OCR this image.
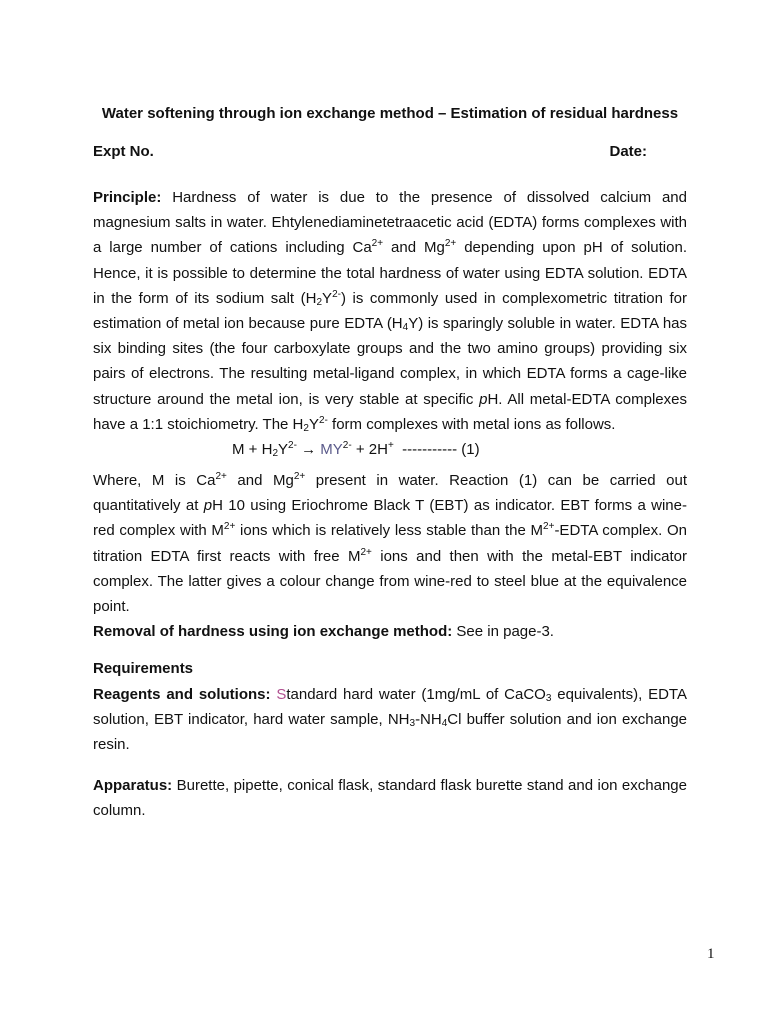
Water softening through ion exchange method – Estimation of residual hardness

Expt No.	Date:

Principle: Hardness of water is due to the presence of dissolved calcium and magnesium salts in water. Ehtylenediaminetetraacetic acid (EDTA) forms complexes with a large number of cations including $Ca^{2+}$ and $Mg^{2+}$ depending upon pH of solution. Hence, it is possible to determine the total hardness of water using EDTA solution. EDTA in the form of its sodium salt $(H_2Y^{2-})$ is commonly used in complexometric titration for estimation of metal ion because pure EDTA $(H_4Y)$ is sparingly soluble in water. EDTA has six binding sites (the four carboxylate groups and the two amino groups) providing six pairs of electrons. The resulting metal-ligand complex, in which EDTA forms a cage-like structure around the metal ion, is very stable at specific pH. All metal-EDTA complexes have a 1:1 stoichiometry. The $H_2Y^{2-}$ form complexes with metal ions as follows.

$M + H_2Y^{2-} \to MY^{2-} + 2H^+$  ----------- (1)

Where, M is $Ca^{2+}$ and $Mg^{2+}$ present in water. Reaction (1) can be carried out quantitatively at pH 10 using Eriochrome Black T (EBT) as indicator. EBT forms a wine-red complex with $M^{2+}$ ions which is relatively less stable than the $M^{2+}$-EDTA complex. On titration EDTA first reacts with free $M^{2+}$ ions and then with the metal-EBT indicator complex. The latter gives a colour change from wine-red to steel blue at the equivalence point.

Removal of hardness using ion exchange method: See in page-3.

Requirements

Reagents and solutions: Standard hard water (1mg/mL of CaCO$_3$ equivalents), EDTA solution, EBT indicator, hard water sample, $NH_3-NH_4Cl$ buffer solution and ion exchange resin.

Apparatus: Burette, pipette, conical flask, standard flask burette stand and ion exchange column.

1
